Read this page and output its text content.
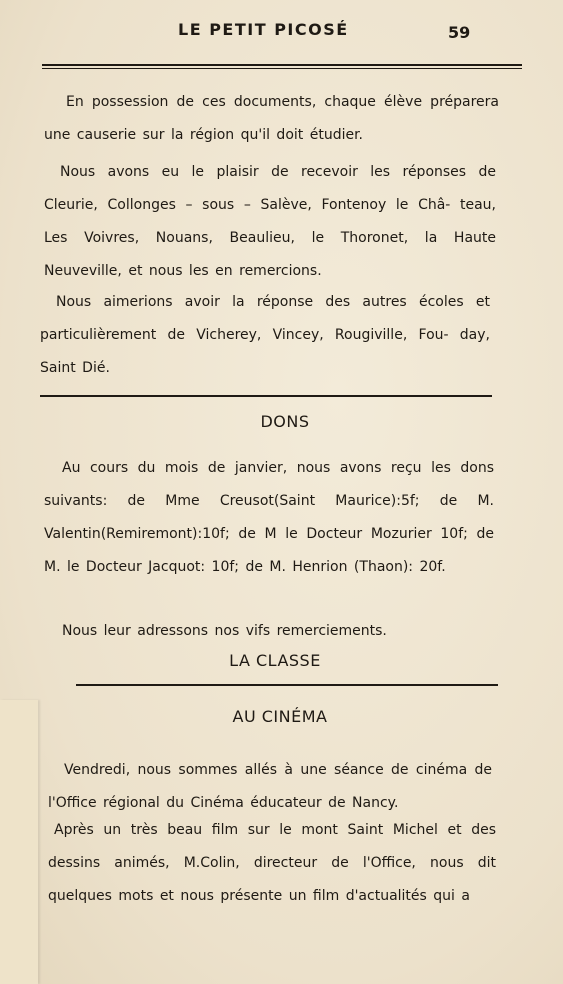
LE PETIT PICOSÉ	59

En possession de ces documents, chaque élève préparera une causerie sur la région qu'il doit étudier.

Nous avons eu le plaisir de recevoir les réponses de Cleurie, Collonges – sous – Salève, Fontenoy le Châ- teau, Les Voivres, Nouans, Beaulieu, le Thoronet, la Haute Neuveville, et nous les en remercions.

Nous aimerions avoir la réponse des autres écoles et particulièrement de Vicherey, Vincey, Rougiville, Fou- day, Saint Dié.

DONS

Au cours du mois de janvier, nous avons reçu les dons suivants: de Mme Creusot(Saint Maurice):5f; de M. Valentin(Remiremont):10f; de M le Docteur Mozurier 10f; de M. le Docteur Jacquot: 10f; de M. Henrion (Thaon): 20f.

Nous leur adressons nos vifs remerciements.

LA CLASSE
AU CINÉMA

Vendredi, nous sommes allés à une séance de cinéma de l'Office régional du Cinéma éducateur de Nancy.

Après un très beau film sur le mont Saint Michel et des dessins animés, M.Colin, directeur de l'Office, nous dit quelques mots et nous présente un film d'actualités qui a
